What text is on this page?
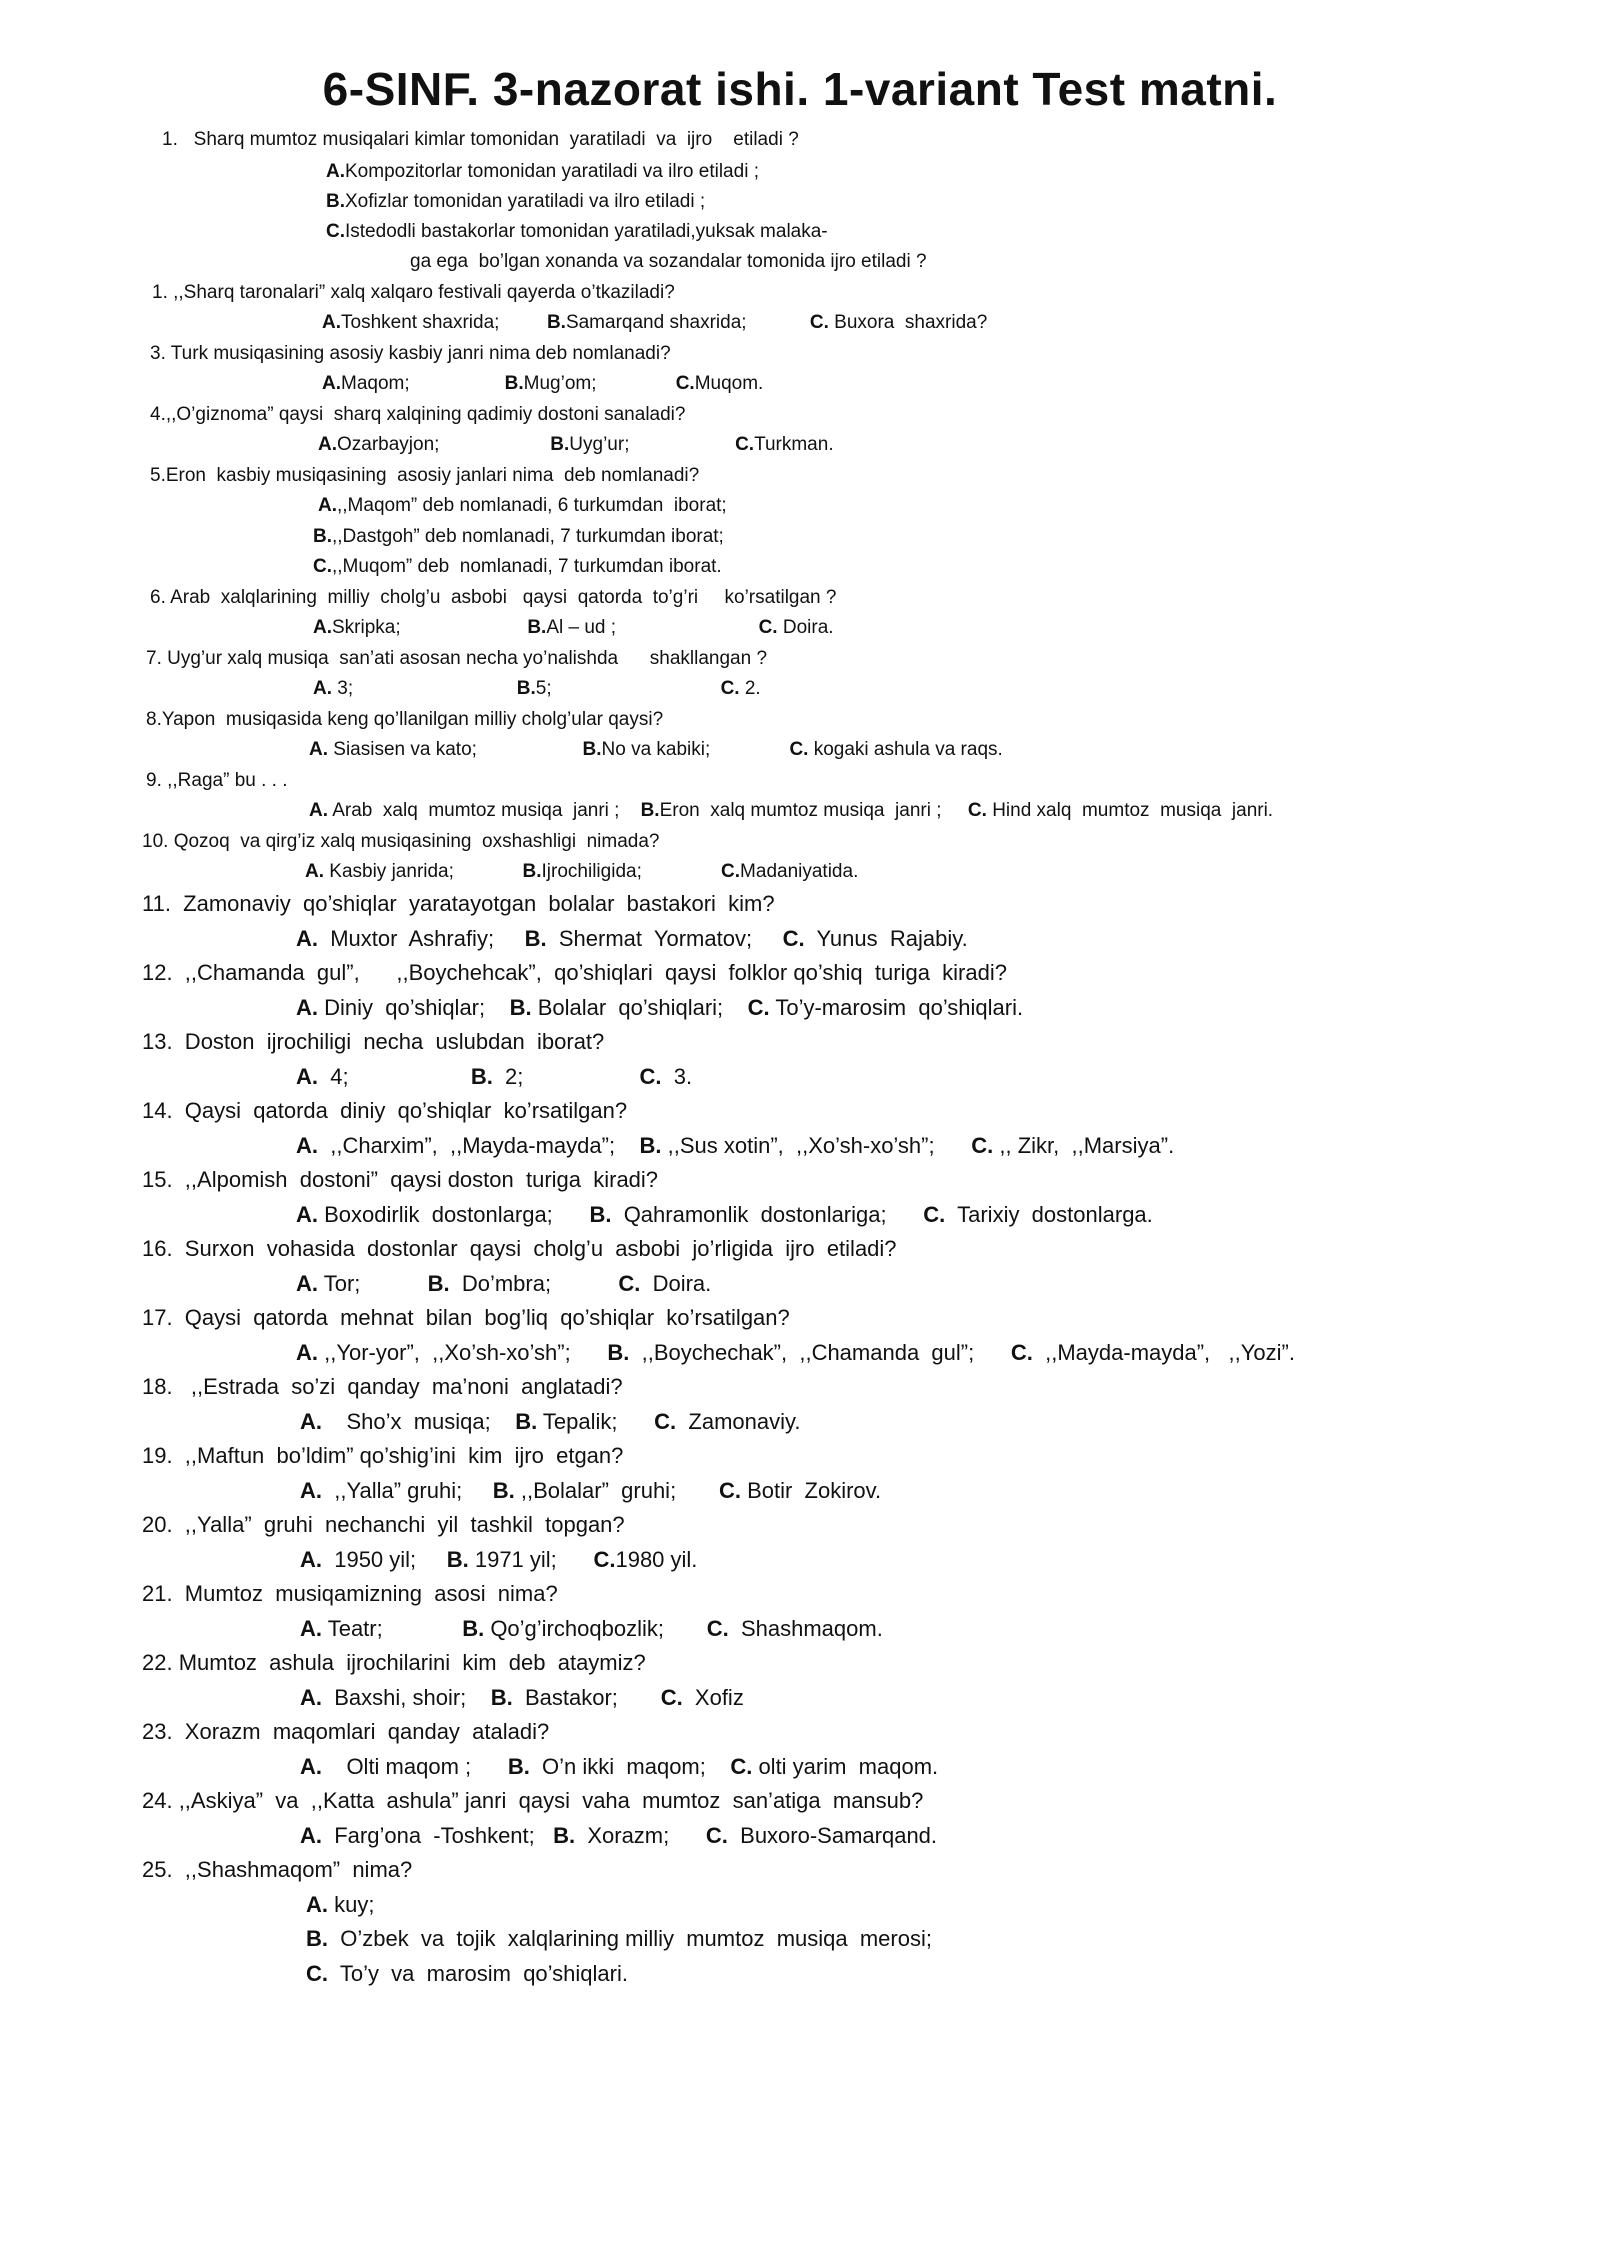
6-SINF. 3-nazorat ishi. 1-variant Test matni.
1.   Sharq mumtoz musiqalari kimlar tomonidan  yaratiladi  va  ijro    etiladi ?
A.Kompozitorlar tomonidan yaratiladi va ilro etiladi ;
B.Xofizlar tomonidan yaratiladi va ilro etiladi ;
C.Istedodli bastakorlar tomonidan yaratiladi,yuksak malaka-
ga ega  bo’lgan xonanda va sozandalar tomonida ijro etiladi ?
1. ,,Sharq taronalari” xalq xalqaro festivali qayerda o’tkaziladi?
A.Toshkent shaxrida;         B.Samarqand shaxrida;            C. Buxora  shaxrida?
3. Turk musiqasining asosiy kasbiy janri nima deb nomlanadi?
A.Maqom;                  B.Mug’om;               C.Muqom.
4.,,O’giznoma” qaysi  sharq xalqining qadimiy dostoni sanaladi?
A.Ozarbayjon;                     B.Uyg’ur;                    C.Turkman.
5.Eron  kasbiy musiqasining  asosiy janlari nima  deb nomlanadi?
A.,,Maqom” deb nomlanadi, 6 turkumdan  iborat;
B.,,Dastgoh” deb nomlanadi, 7 turkumdan iborat;
C.,,Muqom” deb  nomlanadi, 7 turkumdan iborat.
6. Arab  xalqlarining  milliy  cholg’u  asbobi   qaysi  qatorda  to’g’ri     ko’rsatilgan ?
A.Skripka;                        B.Al – ud ;                           C. Doira.
7. Uyg’ur xalq musiqa  san’ati asosan necha yo’nalishda      shakllangan ?
A. 3;                               B.5;                                C. 2.
8.Yapon  musiqasida keng qo’llanilgan milliy cholg’ular qaysi?
A. Siasisen va kato;                    B.No va kabiki;               C. kogaki ashula va raqs.
9. ,,Raga” bu . . .
A. Arab  xalq  mumtoz musiqa  janri ;    B.Eron  xalq mumtoz musiqa  janri ;     C. Hind xalq  mumtoz  musiqa  janri.
10. Qozoq  va qirg’iz xalq musiqasining  oxshashligi  nimada?
A. Kasbiy janrida;             B.Ijrochiligida;               C.Madaniyatida.
11.  Zamonaviy  qo’shiqlar  yaratayotgan  bolalar  bastakori  kim?
A.  Muxtor  Ashrafiy;     B.  Shermat  Yormatov;     C.  Yunus  Rajabiy.
12.  ,,Chamanda  gul”,      ,,Boychehcak”,  qo’shiqlari  qaysi  folklor qo’shiq  turiga  kiradi?
A. Diniy  qo’shiqlar;    B. Bolalar  qo’shiqlari;    C. To’y-marosim  qo’shiqlari.
13.  Doston  ijrochiligi  necha  uslubdan  iborat?
A.  4;                    B.  2;                   C.  3.
14.  Qaysi  qatorda  diniy  qo’shiqlar  ko’rsatilgan?
A.  ,,Charxim”,  ,,Mayda-mayda”;    B. ,,Sus xotin”,  ,,Xo’sh-xo’sh”;      C. ,, Zikr,  ,,Marsiya”.
15.  ,,Alpomish  dostoni”  qaysi doston  turiga  kiradi?
A. Boxodirlik  dostonlarga;      B.  Qahramonlik  dostonlariga;      C.  Tarixiy  dostonlarga.
16.  Surxon  vohasida  dostonlar  qaysi  cholg’u  asbobi  jo’rligida  ijro  etiladi?
A. Tor;           B.  Do’mbra;           C.  Doira.
17.  Qaysi  qatorda  mehnat  bilan  bog’liq  qo’shiqlar  ko’rsatilgan?
A. ,,Yor-yor”,  ,,Xo’sh-xo’sh”;      B.  ,,Boychechak”,  ,,Chamanda  gul”;      C.  ,,Mayda-mayda”,   ,,Yozi”.
18.   ,,Estrada  so’zi  qanday  ma’noni  anglatadi?
A.    Sho’x  musiqa;    B. Tepalik;      C.  Zamonaviy.
19.  ,,Maftun  bo’ldim” qo’shig’ini  kim  ijro  etgan?
A.  ,,Yalla” gruhi;     B. ,,Bolalar”  gruhi;       C. Botir  Zokirov.
20.  ,,Yalla”  gruhi  nechanchi  yil  tashkil  topgan?
A.  1950 yil;     B. 1971 yil;      C.1980 yil.
21.  Mumtoz  musiqamizning  asosi  nima?
A. Teatr;             B. Qo’g’irchoqbozlik;       C.  Shashmaqom.
22. Mumtoz  ashula  ijrochilarini  kim  deb  ataymiz?
A.  Baxshi, shoir;    B.  Bastakor;       C.  Xofiz
23.  Xorazm  maqomlari  qanday  ataladi?
A.    Olti maqom ;      B.  O’n ikki  maqom;    C. olti yarim  maqom.
24. ,,Askiya”  va  ,,Katta  ashula” janri  qaysi  vaha  mumtoz  san’atiga  mansub?
A.  Farg’ona  -Toshkent;   B.  Xorazm;      C.  Buxoro-Samarqand.
25.  ,,Shashmaqom”  nima?
A. kuy;
B.  O’zbek  va  tojik  xalqlarining milliy  mumtoz  musiqa  merosi;
C.  To’y  va  marosim  qo’shiqlari.
